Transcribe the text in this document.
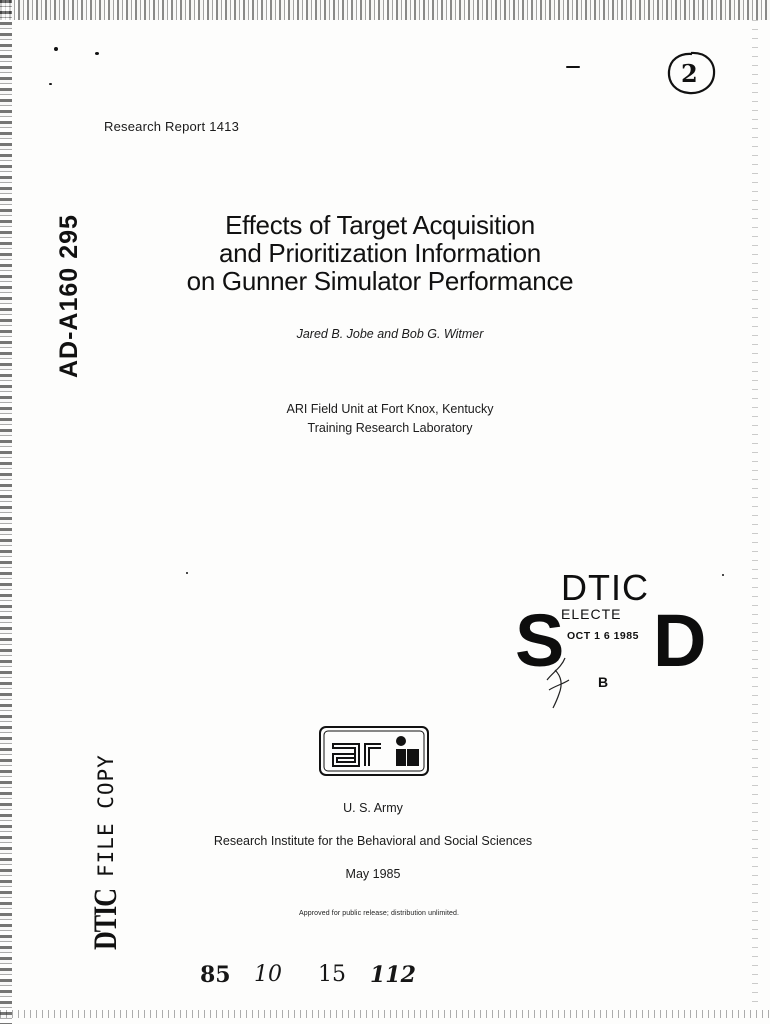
2
Research Report 1413
AD-A160295	Effects of Target Acquisition
and Prioritization Information
on Gunner Simulator Performance
Jared B. Jobe and Bob G. Witmer
ARI Field Unit at Fort Knox, Kentucky
Training Research Laboratory
DTIC
ELECTE
OCT 1 6 1985
S D
B
ari
U. S. Army
Research Institute for the Behavioral and Social Sciences
May 1985
Approved for public release; distribution unlimited.
85 10 15 112
DTIC
FILE COPY
